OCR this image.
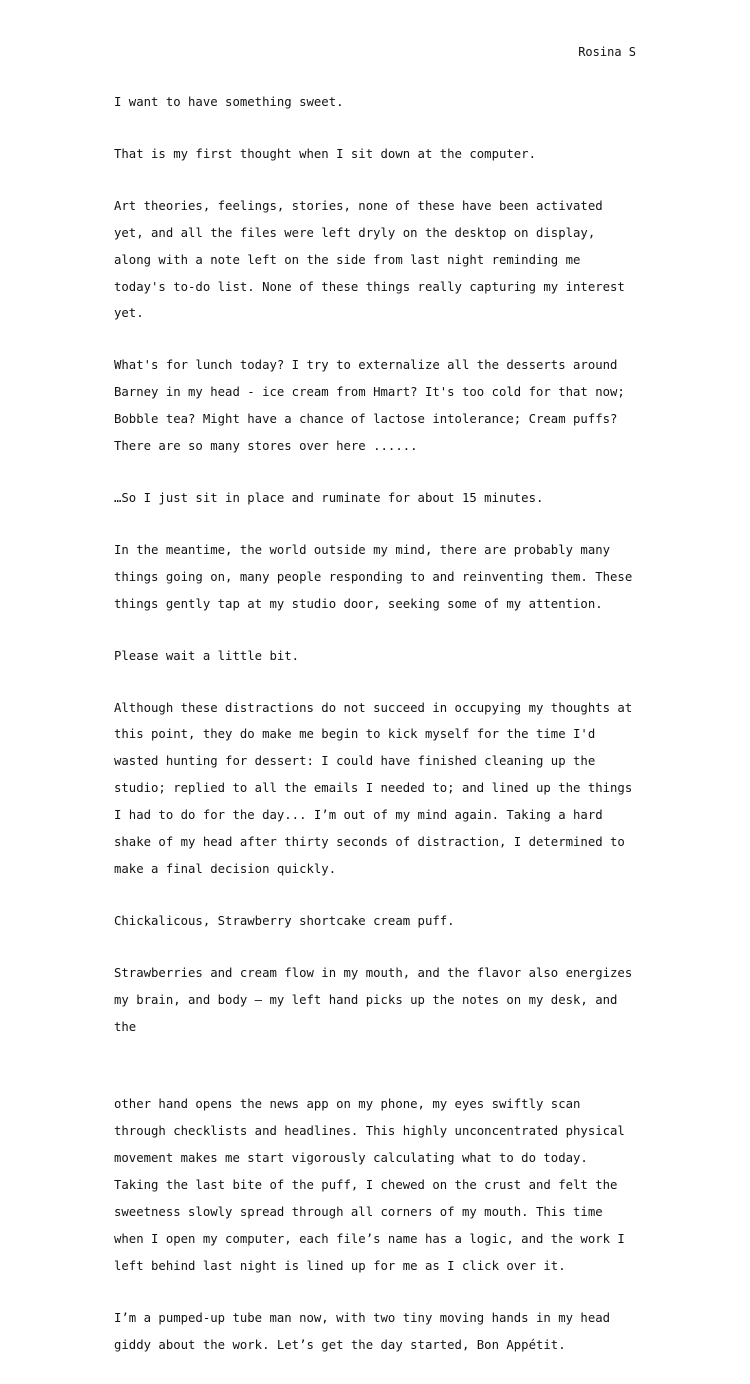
Rosina S

I want to have something sweet.

That is my first thought when I sit down at the computer.

Art theories, feelings, stories, none of these have been activated yet, and all the files were left dryly on the desktop on display, along with a note left on the side from last night reminding me today's to-do list. None of these things really capturing my interest yet.

What's for lunch today? I try to externalize all the desserts around Barney in my head - ice cream from Hmart? It's too cold for that now; Bobble tea? Might have a chance of lactose intolerance; Cream puffs? There are so many stores over here ......

…So I just sit in place and ruminate for about 15 minutes.

In the meantime, the world outside my mind, there are probably many things going on, many people responding to and reinventing them. These things gently tap at my studio door, seeking some of my attention.

Please wait a little bit.

Although these distractions do not succeed in occupying my thoughts at this point, they do make me begin to kick myself for the time I'd wasted hunting for dessert: I could have finished cleaning up the studio; replied to all the emails I needed to; and lined up the things I had to do for the day... I’m out of my mind again. Taking a hard shake of my head after thirty seconds of distraction, I determined to make a final decision quickly.

Chickalicous, Strawberry shortcake cream puff.

Strawberries and cream flow in my mouth, and the flavor also energizes my brain, and body – my left hand picks up the notes on my desk, and the

other hand opens the news app on my phone, my eyes swiftly scan through checklists and headlines. This highly unconcentrated physical movement makes me start vigorously calculating what to do today. Taking the last bite of the puff, I chewed on the crust and felt the sweetness slowly spread through all corners of my mouth. This time when I open my computer, each file’s name has a logic, and the work I left behind last night is lined up for me as I click over it.

I’m a pumped-up tube man now, with two tiny moving hands in my head giddy about the work. Let’s get the day started, Bon Appétit.
